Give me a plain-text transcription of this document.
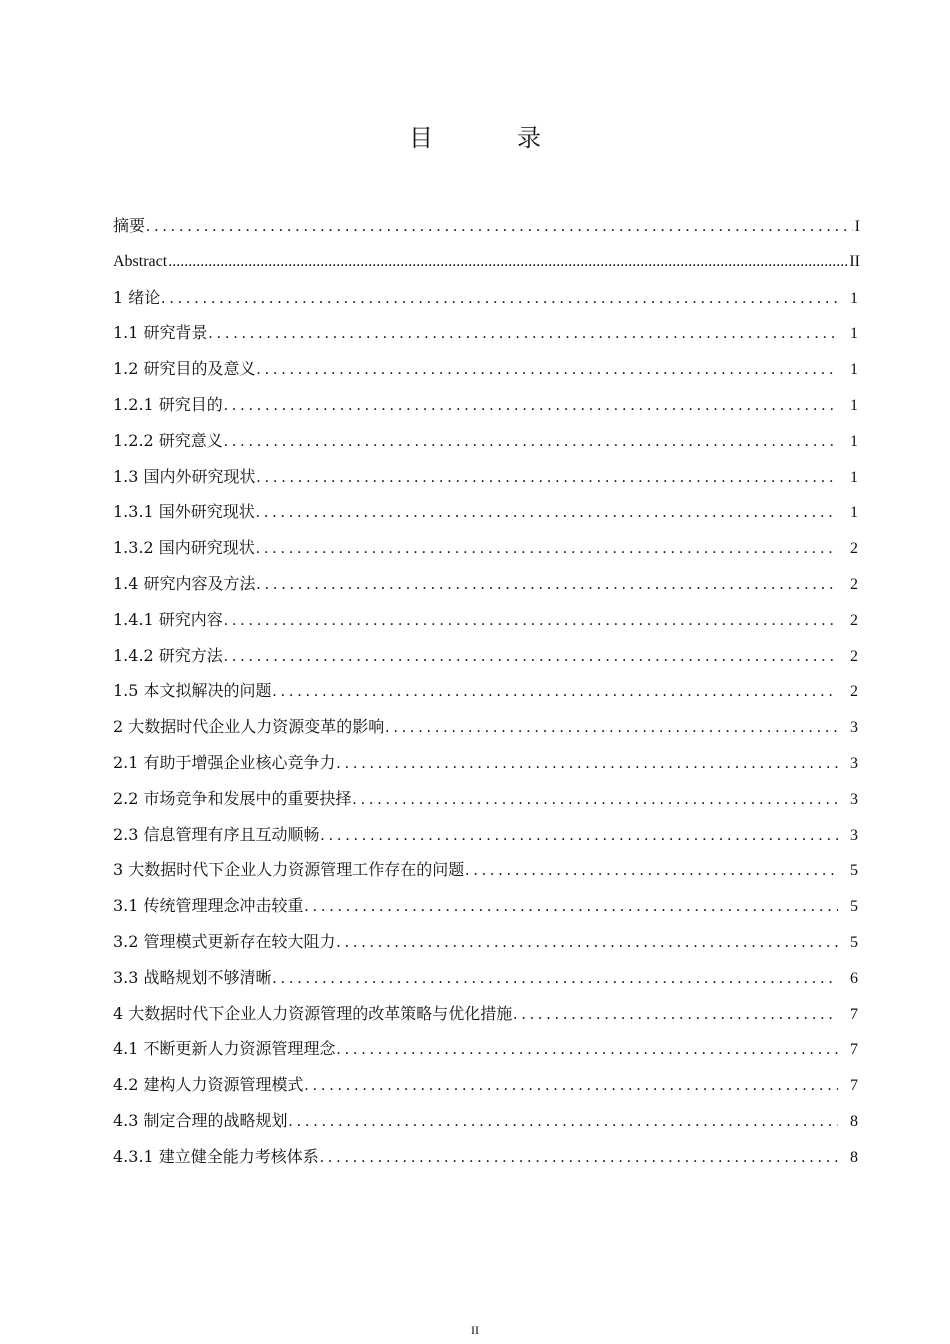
目　录
摘要 .....	I
Abstract .....	II
1 绪论 .....	1
1.1 研究背景 .....	1
1.2 研究目的及意义 .....	1
1.2.1 研究目的 .....	1
1.2.2 研究意义 .....	1
1.3 国内外研究现状 .....	1
1.3.1 国外研究现状 .....	1
1.3.2 国内研究现状 .....	2
1.4 研究内容及方法 .....	2
1.4.1 研究内容 .....	2
1.4.2 研究方法 .....	2
1.5 本文拟解决的问题 .....	2
2 大数据时代企业人力资源变革的影响 .....	3
2.1 有助于增强企业核心竞争力 .....	3
2.2 市场竞争和发展中的重要抉择 .....	3
2.3 信息管理有序且互动顺畅 .....	3
3 大数据时代下企业人力资源管理工作存在的问题 .....	5
3.1 传统管理理念冲击较重 .....	5
3.2 管理模式更新存在较大阻力 .....	5
3.3 战略规划不够清晰 .....	6
4 大数据时代下企业人力资源管理的改革策略与优化措施 .....	7
4.1 不断更新人力资源管理理念 .....	7
4.2 建构人力资源管理模式 .....	7
4.3 制定合理的战略规划 .....	8
4.3.1 建立健全能力考核体系 .....	8
II
